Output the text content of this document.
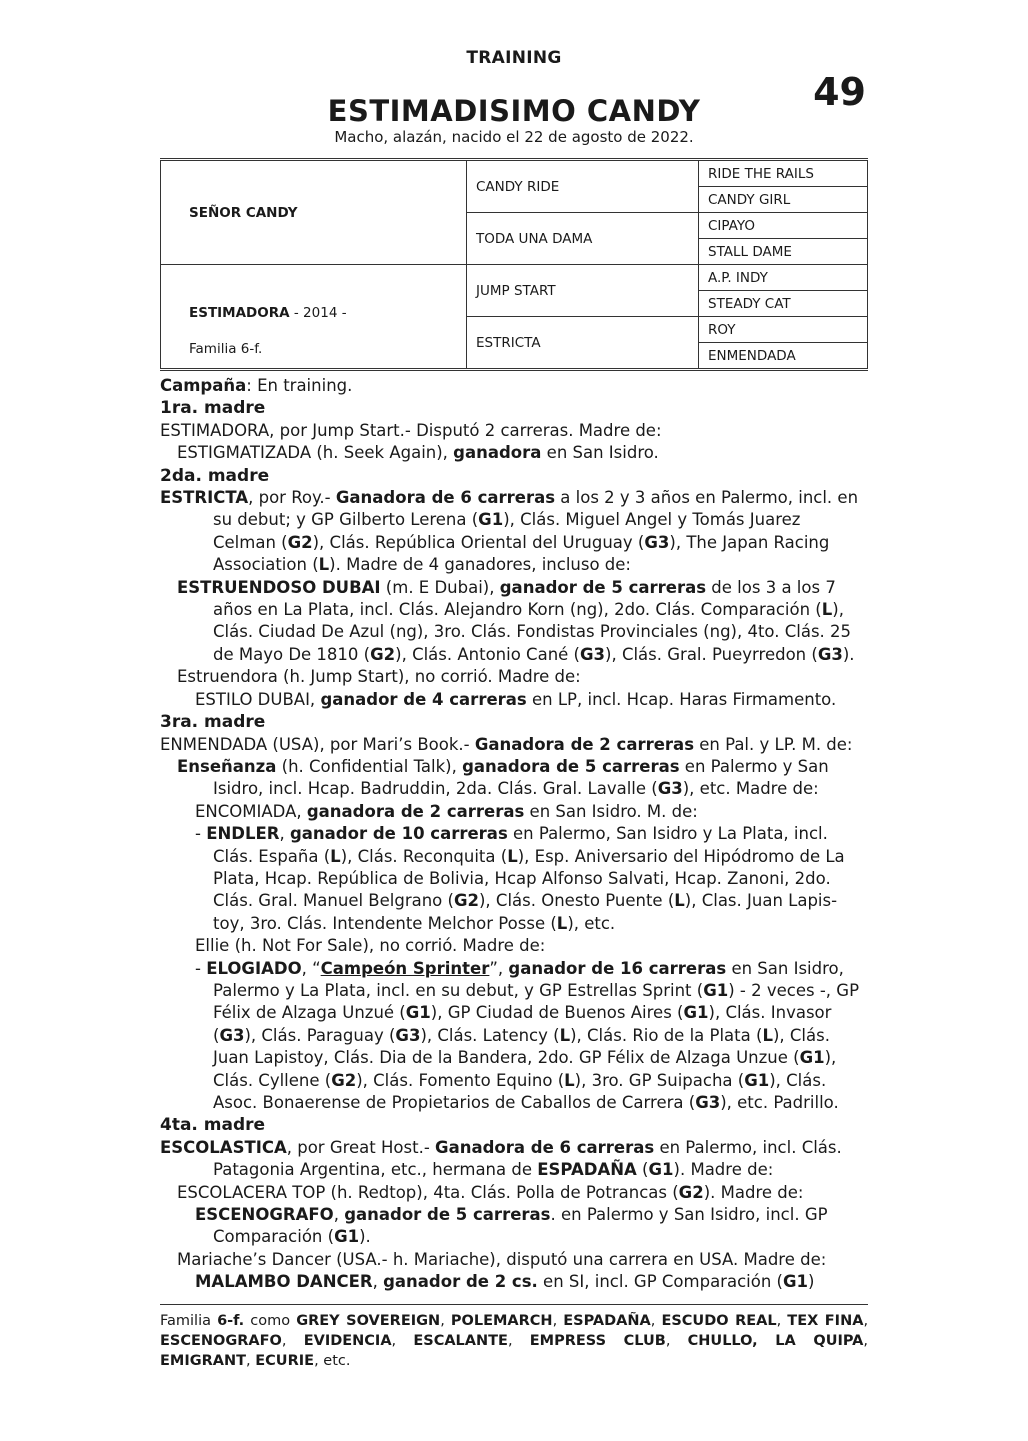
TRAINING

49
ESTIMADISIMO CANDY

Macho, alazán, nacido el 22 de agosto de 2022.

SEÑOR CANDY	CANDY RIDE	RIDE THE RAILS
		CANDY GIRL
	TODA UNA DAMA	CIPAYO
		STALL DAME

ESTIMADORA - 2014 -
Familia 6-f.	JUMP START	A.P. INDY
		STEADY CAT
	ESTRICTA	ROY
		ENMENDADA

Campaña: En training.

1ra. madre

ESTIMADORA, por Jump Start.- Disputó 2 carreras. Madre de:

ESTIGMATIZADA (h. Seek Again), ganadora en San Isidro.

2da. madre

ESTRICTA, por Roy.- Ganadora de 6 carreras a los 2 y 3 años en Palermo, incl. en su debut; y GP Gilberto Lerena (G1), Clás. Miguel Angel y Tomás Juarez Celman (G2), Clás. República Oriental del Uruguay (G3), The Japan Racing Association (L). Madre de 4 ganadores, incluso de:

ESTRUENDOSO DUBAI (m. E Dubai), ganador de 5 carreras de los 3 a los 7 años en La Plata, incl. Clás. Alejandro Korn (ng), 2do. Clás. Comparación (L), Clás. Ciudad De Azul (ng), 3ro. Clás. Fondistas Provinciales (ng), 4to. Clás. 25 de Mayo De 1810 (G2), Clás. Antonio Cané (G3), Clás. Gral. Pueyrredon (G3).

Estruendora (h. Jump Start), no corrió. Madre de:

ESTILO DUBAI, ganador de 4 carreras en LP, incl. Hcap. Haras Firmamento.

3ra. madre

ENMENDADA (USA), por Mari’s Book.- Ganadora de 2 carreras en Pal. y LP. M. de:

Enseñanza (h. Confidential Talk), ganadora de 5 carreras en Palermo y San Isidro, incl. Hcap. Badruddin, 2da. Clás. Gral. Lavalle (G3), etc. Madre de:

ENCOMIADA, ganadora de 2 carreras en San Isidro. M. de:

- ENDLER, ganador de 10 carreras en Palermo, San Isidro y La Plata, incl. Clás. España (L), Clás. Reconquita (L), Esp. Aniversario del Hipódromo de La Plata, Hcap. República de Bolivia, Hcap Alfonso Salvati, Hcap. Zanoni, 2do. Clás. Gral. Manuel Belgrano (G2), Clás. Onesto Puente (L), Clas. Juan Lapis-toy, 3ro. Clás. Intendente Melchor Posse (L), etc.

Ellie (h. Not For Sale), no corrió. Madre de:

- ELOGIADO, “Campeón Sprinter”, ganador de 16 carreras en San Isidro, Palermo y La Plata, incl. en su debut, y GP Estrellas Sprint (G1) - 2 veces -, GP Félix de Alzaga Unzué (G1), GP Ciudad de Buenos Aires (G1), Clás. Invasor (G3), Clás. Paraguay (G3), Clás. Latency (L), Clás. Rio de la Plata (L), Clás. Juan Lapistoy, Clás. Dia de la Bandera, 2do. GP Félix de Alzaga Unzue (G1), Clás. Cyllene (G2), Clás. Fomento Equino (L), 3ro. GP Suipacha (G1), Clás. Asoc. Bonaerense de Propietarios de Caballos de Carrera (G3), etc. Padrillo.

4ta. madre

ESCOLASTICA, por Great Host.- Ganadora de 6 carreras en Palermo, incl. Clás. Patagonia Argentina, etc., hermana de ESPADAÑA (G1). Madre de:

ESCOLACERA TOP (h. Redtop), 4ta. Clás. Polla de Potrancas (G2). Madre de:

ESCENOGRAFO, ganador de 5 carreras. en Palermo y San Isidro, incl. GP Comparación (G1).

Mariache’s Dancer (USA.- h. Mariache), disputó una carrera en USA. Madre de:

MALAMBO DANCER, ganador de 2 cs. en SI, incl. GP Comparación (G1)

Familia 6-f. como GREY SOVEREIGN, POLEMARCH, ESPADAÑA, ESCUDO REAL, TEX FINA, ESCENOGRAFO, EVIDENCIA, ESCALANTE, EMPRESS CLUB, CHULLO, LA QUIPA, EMIGRANT, ECURIE, etc.
